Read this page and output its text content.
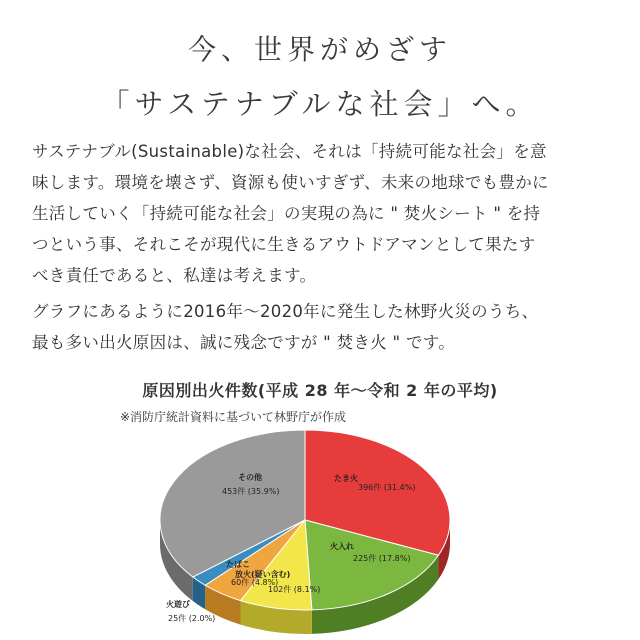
今、世界がめざす
「サステナブルな社会」へ。

サステナブル(Sustainable)な社会、それは「持続可能な社会」を意
味します。環境を壊さず、資源も使いすぎず、未来の地球でも豊かに
生活していく「持続可能な社会」の実現の為に " 焚火シート " を持
つという事、それこそが現代に生きるアウトドアマンとして果たす
べき責任であると、私達は考えます。

グラフにあるように2016年〜2020年に発生した林野火災のうち、
最も多い出火原因は、誠に残念ですが " 焚き火 " です。

原因別出火件数(平成 28 年〜令和 2 年の平均)
※消防庁統計資料に基づいて林野庁が作成
たき火
396件 (31.4%)
火入れ
225件 (17.8%)
放火(疑い含む)
102件 (8.1%)
たばこ
60件 (4.8%)
火遊び
25件 (2.0%)
その他
453件 (35.9%)
